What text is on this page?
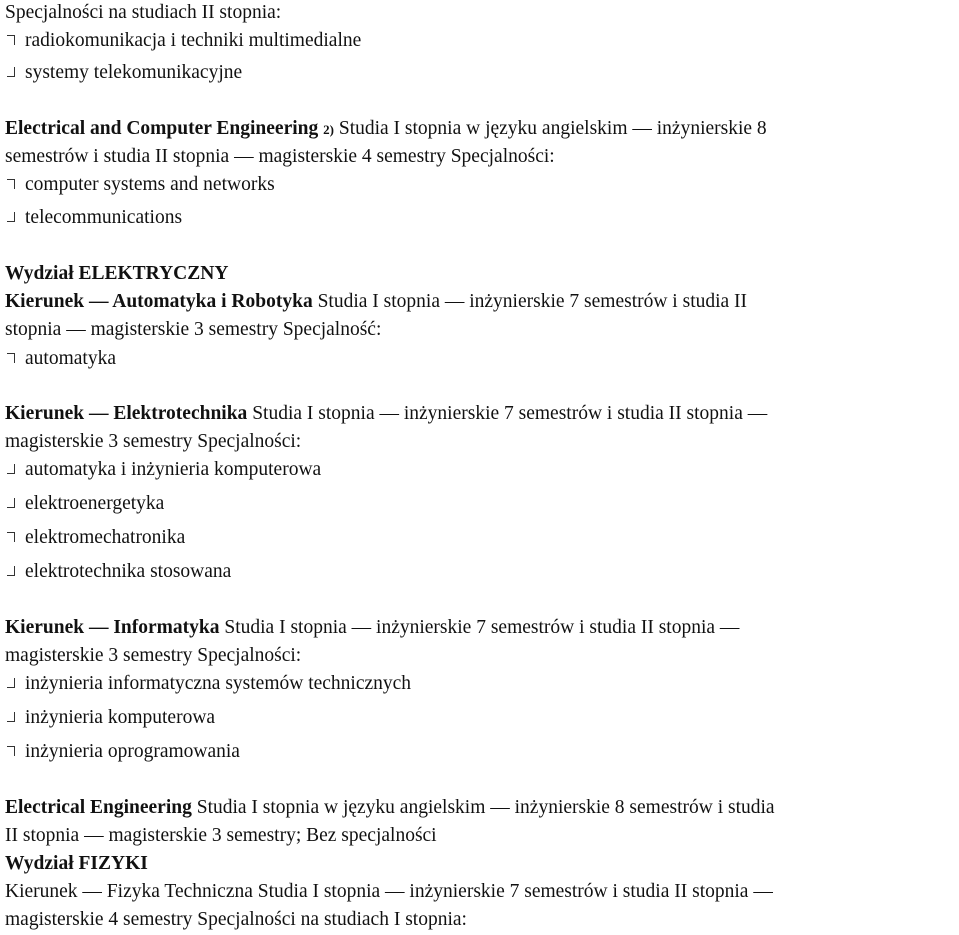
Specjalności na studiach II stopnia:
radiokomunikacja i techniki multimedialne
systemy telekomunikacyjne
Electrical and Computer Engineering 2) Studia I stopnia w języku angielskim — inżynierskie 8
semestrów i studia II stopnia — magisterskie 4 semestry Specjalności:
computer systems and networks
telecommunications
Wydział ELEKTRYCZNY
Kierunek — Automatyka i Robotyka Studia I stopnia — inżynierskie 7 semestrów i studia II
stopnia — magisterskie 3 semestry Specjalność:
automatyka
Kierunek — Elektrotechnika Studia I stopnia — inżynierskie 7 semestrów i studia II stopnia —
magisterskie 3 semestry Specjalności:
automatyka i inżynieria komputerowa
elektroenergetyka
elektromechatronika
elektrotechnika stosowana
Kierunek — Informatyka Studia I stopnia — inżynierskie 7 semestrów i studia II stopnia —
magisterskie 3 semestry Specjalności:
inżynieria informatyczna systemów technicznych
inżynieria komputerowa
inżynieria oprogramowania
Electrical Engineering Studia I stopnia w języku angielskim — inżynierskie 8 semestrów i studia
II stopnia — magisterskie 3 semestry; Bez specjalności
Wydział FIZYKI
Kierunek — Fizyka Techniczna Studia I stopnia — inżynierskie 7 semestrów i studia II stopnia —
magisterskie 4 semestry Specjalności na studiach I stopnia:
